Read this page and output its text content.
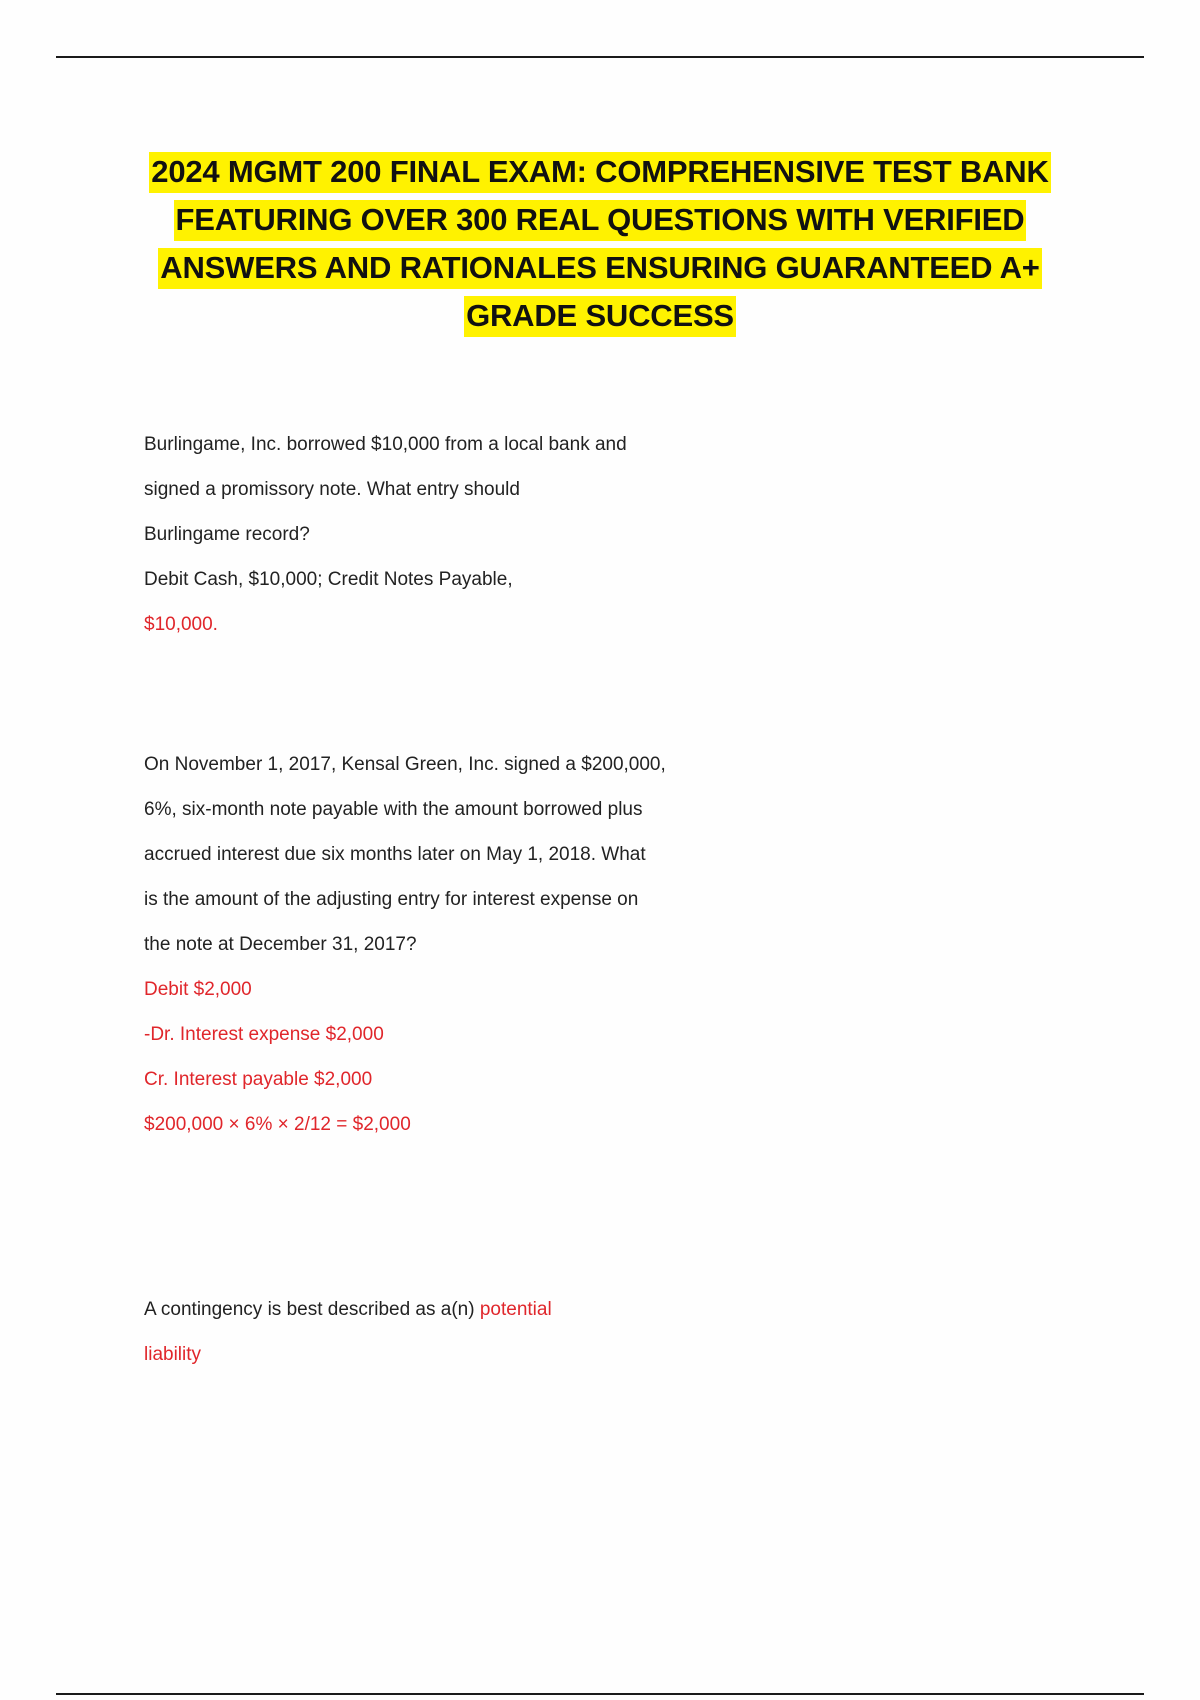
2024 MGMT 200 FINAL EXAM: COMPREHENSIVE TEST BANK
FEATURING OVER 300 REAL QUESTIONS WITH VERIFIED
ANSWERS AND RATIONALES ENSURING GUARANTEED A+
GRADE SUCCESS
Burlingame, Inc. borrowed $10,000 from a local bank and
signed a promissory note. What entry should
Burlingame record?
Debit Cash, $10,000; Credit Notes Payable,
$10,000.
On November 1, 2017, Kensal Green, Inc. signed a $200,000,
6%, six-month note payable with the amount borrowed plus
accrued interest due six months later on May 1, 2018. What
is the amount of the adjusting entry for interest expense on
the note at December 31, 2017?
Debit $2,000
-Dr. Interest expense $2,000
Cr. Interest payable $2,000
$200,000 × 6% × 2/12 = $2,000
A contingency is best described as a(n) potential
liability
